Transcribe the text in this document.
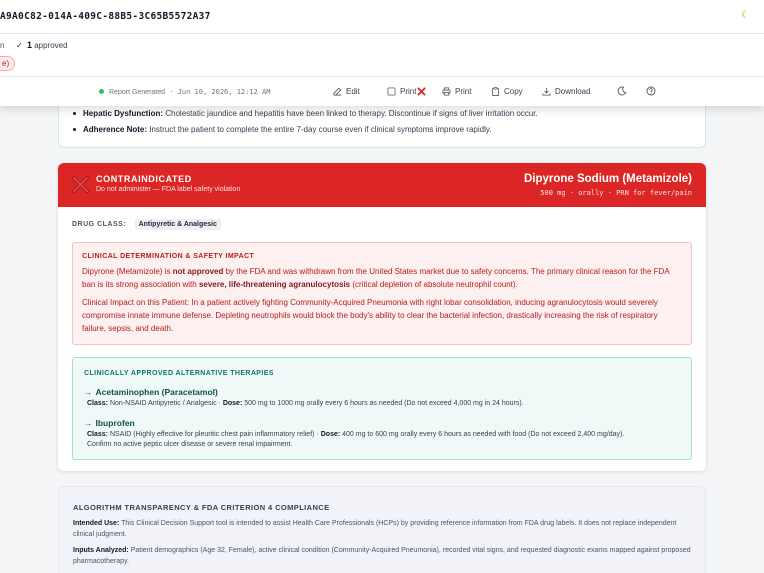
A9A0C82-014A-409C-88B5-3C65B5572A37	☾
n ✓ 1 approved
e)
Report Generated · Jun 10, 2026, 12:12 AM	Edit	Print	Print	Copy	Download
Hepatic Dysfunction: Cholestatic jaundice and hepatitis have been linked to therapy. Discontinue if signs of liver irritation occur.
Adherence Note: Instruct the patient to complete the entire 7-day course even if clinical symptoms improve rapidly.
CONTRAINDICATED
Do not administer — FDA label safety violation
Dipyrone Sodium (Metamizole)
500 mg · orally · PRN for fever/pain
DRUG CLASS: Antipyretic & Analgesic
CLINICAL DETERMINATION & SAFETY IMPACT

Dipyrone (Metamizole) is not approved by the FDA and was withdrawn from the United States market due to safety concerns. The primary clinical reason for the FDA ban is its strong association with severe, life-threatening agranulocytosis (critical depletion of absolute neutrophil count).

Clinical Impact on this Patient: In a patient actively fighting Community-Acquired Pneumonia with right lobar consolidation, inducing agranulocytosis would severely compromise innate immune defense. Depleting neutrophils would block the body's ability to clear the bacterial infection, drastically increasing the risk of respiratory failure, sepsis, and death.

CLINICALLY APPROVED ALTERNATIVE THERAPIES
→ Acetaminophen (Paracetamol)
Class: Non-NSAID Antipyretic / Analgesic · Dose: 500 mg to 1000 mg orally every 6 hours as needed (Do not exceed 4,000 mg in 24 hours).
→ Ibuprofen
Class: NSAID (Highly effective for pleuritic chest pain inflammatory relief) · Dose: 400 mg to 600 mg orally every 6 hours as needed with food (Do not exceed 2,400 mg/day).
Confirm no active peptic ulcer disease or severe renal impairment.
ALGORITHM TRANSPARENCY & FDA CRITERION 4 COMPLIANCE

Intended Use: This Clinical Decision Support tool is intended to assist Health Care Professionals (HCPs) by providing reference information from FDA drug labels. It does not replace independent clinical judgment.

Inputs Analyzed: Patient demographics (Age 32, Female), active clinical condition (Community-Acquired Pneumonia), recorded vital signs, and requested diagnostic exams mapped against proposed pharmacotherapy.
